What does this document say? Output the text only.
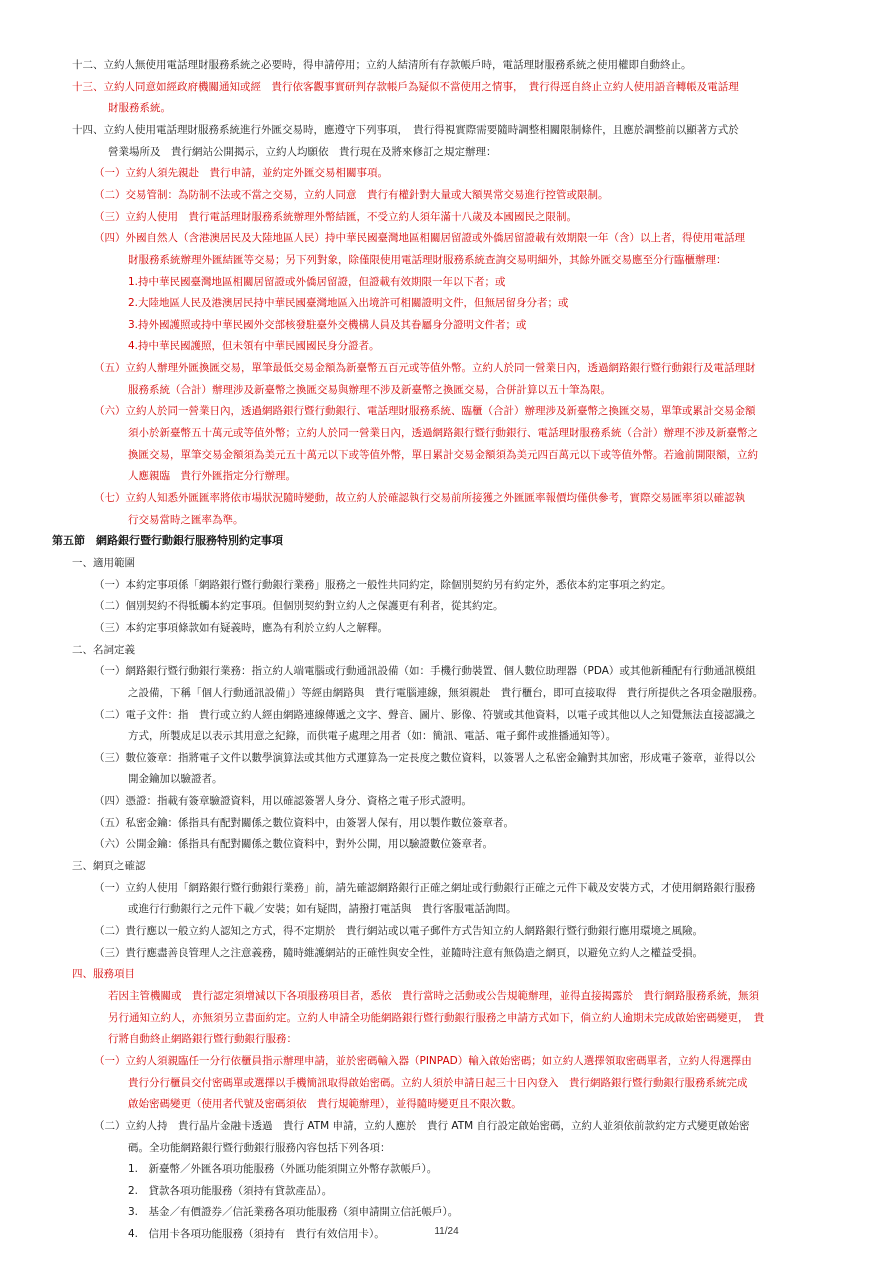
十二、立約人無使用電話理財服務系統之必要時，得申請停用；立約人結清所有存款帳戶時，電話理財服務系統之使用權即自動終止。
十三、立約人同意如經政府機關通知或經　貴行依客觀事實研判存款帳戶為疑似不當使用之情事，　貴行得逕自終止立約人使用語音轉帳及電話理
財服務系統。
十四、立約人使用電話理財服務系統進行外匯交易時，應遵守下列事項，　貴行得視實際需要隨時調整相關限制條件，且應於調整前以顯著方式於
營業場所及　貴行網站公開揭示，立約人均願依　貴行現在及將來修訂之規定辦理：
（一）立約人須先親赴　貴行申請，並約定外匯交易相關事項。
（二）交易管制：為防制不法或不當之交易，立約人同意　貴行有權針對大量或大額異常交易進行控管或限制。
（三）立約人使用　貴行電話理財服務系統辦理外幣結匯，不受立約人須年滿十八歲及本國國民之限制。
（四）外國自然人（含港澳居民及大陸地區人民）持中華民國臺灣地區相關居留證或外僑居留證載有效期限一年（含）以上者，得使用電話理
財服務系統辦理外匯結匯等交易；另下列對象，除僅限使用電話理財服務系統查詢交易明細外，其餘外匯交易應至分行臨櫃辦理：
1.持中華民國臺灣地區相關居留證或外僑居留證，但證載有效期限一年以下者；或
2.大陸地區人民及港澳居民持中華民國臺灣地區入出境許可相關證明文件，但無居留身分者；或
3.持外國護照或持中華民國外交部核發駐臺外交機構人員及其眷屬身分證明文件者；或
4.持中華民國護照，但未領有中華民國國民身分證者。
（五）立約人辦理外匯換匯交易，單筆最低交易金額為新臺幣五百元或等值外幣。立約人於同一營業日內，透過網路銀行暨行動銀行及電話理財
服務系統（合計）辦理涉及新臺幣之換匯交易與辦理不涉及新臺幣之換匯交易，合併計算以五十筆為限。
（六）立約人於同一營業日內，透過網路銀行暨行動銀行、電話理財服務系統、臨櫃（合計）辦理涉及新臺幣之換匯交易，單筆或累計交易金額
須小於新臺幣五十萬元或等值外幣；立約人於同一營業日內，透過網路銀行暨行動銀行、電話理財服務系統（合計）辦理不涉及新臺幣之
換匯交易，單筆交易金額須為美元五十萬元以下或等值外幣，單日累計交易金額須為美元四百萬元以下或等值外幣。若逾前開限額，立約
人應親臨　貴行外匯指定分行辦理。
（七）立約人知悉外匯匯率將依市場狀況隨時變動，故立約人於確認執行交易前所接獲之外匯匯率報價均僅供參考，實際交易匯率須以確認執
行交易當時之匯率為準。
第五節　網路銀行暨行動銀行服務特別約定事項
一、適用範圍
（一）本約定事項係「網路銀行暨行動銀行業務」服務之一般性共同約定，除個別契約另有約定外，悉依本約定事項之約定。
（二）個別契約不得牴觸本約定事項。但個別契約對立約人之保護更有利者，從其約定。
（三）本約定事項條款如有疑義時，應為有利於立約人之解釋。
二、名詞定義
（一）網路銀行暨行動銀行業務：指立約人端電腦或行動通訊設備（如：手機行動裝置、個人數位助理器（PDA）或其他新種配有行動通訊模組
之設備，下稱「個人行動通訊設備」）等經由網路與　貴行電腦連線，無須親赴　貴行櫃台，即可直接取得　貴行所提供之各項金融服務。
（二）電子文件：指　貴行或立約人經由網路連線傳遞之文字、聲音、圖片、影像、符號或其他資料，以電子或其他以人之知覺無法直接認識之
方式，所製成足以表示其用意之紀錄，而供電子處理之用者（如：簡訊、電話、電子郵件或推播通知等）。
（三）數位簽章：指將電子文件以數學演算法或其他方式運算為一定長度之數位資料，以簽署人之私密金鑰對其加密，形成電子簽章，並得以公
開金鑰加以驗證者。
（四）憑證：指載有簽章驗證資料，用以確認簽署人身分、資格之電子形式證明。
（五）私密金鑰：係指具有配對關係之數位資料中，由簽署人保有，用以製作數位簽章者。
（六）公開金鑰：係指具有配對關係之數位資料中，對外公開，用以驗證數位簽章者。
三、網頁之確認
（一）立約人使用「網路銀行暨行動銀行業務」前，請先確認網路銀行正確之網址或行動銀行正確之元件下載及安裝方式，才使用網路銀行服務
或進行行動銀行之元件下載／安裝；如有疑問，請撥打電話與　貴行客服電話詢問。
（二）貴行應以一般立約人認知之方式，得不定期於　貴行網站或以電子郵件方式告知立約人網路銀行暨行動銀行應用環境之風險。
（三）貴行應盡善良管理人之注意義務，隨時維護網站的正確性與安全性，並隨時注意有無偽造之網頁，以避免立約人之權益受損。
四、服務項目
若因主管機關或　貴行認定須增減以下各項服務項目者，悉依　貴行當時之活動或公告規範辦理，並得直接揭露於　貴行網路服務系統，無須
另行通知立約人，亦無須另立書面約定。立約人申請全功能網路銀行暨行動銀行服務之申請方式如下，倘立約人逾期未完成啟始密碼變更，　貴
行將自動終止網路銀行暨行動銀行服務：
（一）立約人須親臨任一分行依櫃員指示辦理申請，並於密碼輸入器（PINPAD）輸入啟始密碼；如立約人選擇領取密碼單者，立約人得選擇由
貴行分行櫃員交付密碼單或選擇以手機簡訊取得啟始密碼。立約人須於申請日起三十日內登入　貴行網路銀行暨行動銀行服務系統完成
啟始密碼變更（使用者代號及密碼須依　貴行規範辦理），並得隨時變更且不限次數。
（二）立約人持　貴行晶片金融卡透過　貴行 ATM 申請，立約人應於　貴行 ATM 自行設定啟始密碼，立約人並須依前款約定方式變更啟始密
碼。全功能網路銀行暨行動銀行服務內容包括下列各項：
1.　新臺幣／外匯各項功能服務（外匯功能須開立外幣存款帳戶）。
2.　貸款各項功能服務（須持有貸款產品）。
3.　基金／有價證券／信託業務各項功能服務（須申請開立信託帳戶）。
4.　信用卡各項功能服務（須持有　貴行有效信用卡）。	11/24
